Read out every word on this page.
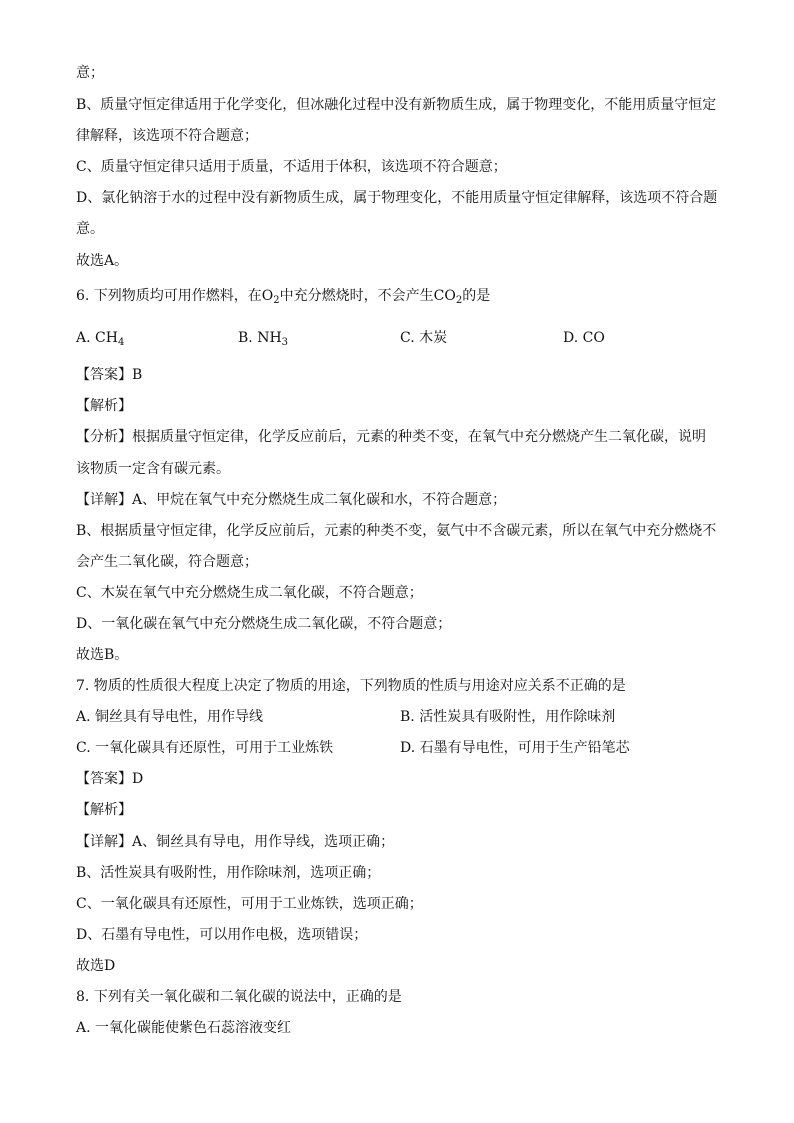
意；
B、质量守恒定律适用于化学变化，但冰融化过程中没有新物质生成，属于物理变化，不能用质量守恒定
律解释，该选项不符合题意；
C、质量守恒定律只适用于质量，不适用于体积，该选项不符合题意；
D、氯化钠溶于水的过程中没有新物质生成，属于物理变化，不能用质量守恒定律解释，该选项不符合题
意。
故选A。
6. 下列物质均可用作燃料，在$O_2$中充分燃烧时，不会产生$CO_2$的是
A. $CH_4$	B. $NH_3$	C. 木炭	D. CO
【答案】B
【解析】
【分析】根据质量守恒定律，化学反应前后，元素的种类不变，在氧气中充分燃烧产生二氧化碳，说明
该物质一定含有碳元素。
【详解】A、甲烷在氧气中充分燃烧生成二氧化碳和水，不符合题意；
B、根据质量守恒定律，化学反应前后，元素的种类不变，氨气中不含碳元素，所以在氧气中充分燃烧不
会产生二氧化碳，符合题意；
C、木炭在氧气中充分燃烧生成二氧化碳，不符合题意；
D、一氧化碳在氧气中充分燃烧生成二氧化碳，不符合题意；
故选B。
7. 物质的性质很大程度上决定了物质的用途，下列物质的性质与用途对应关系不正确的是
A. 铜丝具有导电性，用作导线	B. 活性炭具有吸附性，用作除味剂
C. 一氧化碳具有还原性，可用于工业炼铁	D. 石墨有导电性，可用于生产铅笔芯
【答案】D
【解析】
【详解】A、铜丝具有导电，用作导线，选项正确；
B、活性炭具有吸附性，用作除味剂，选项正确；
C、一氧化碳具有还原性，可用于工业炼铁，选项正确；
D、石墨有导电性，可以用作电极，选项错误；
故选D
8. 下列有关一氧化碳和二氧化碳的说法中，正确的是
A. 一氧化碳能使紫色石蕊溶液变红
